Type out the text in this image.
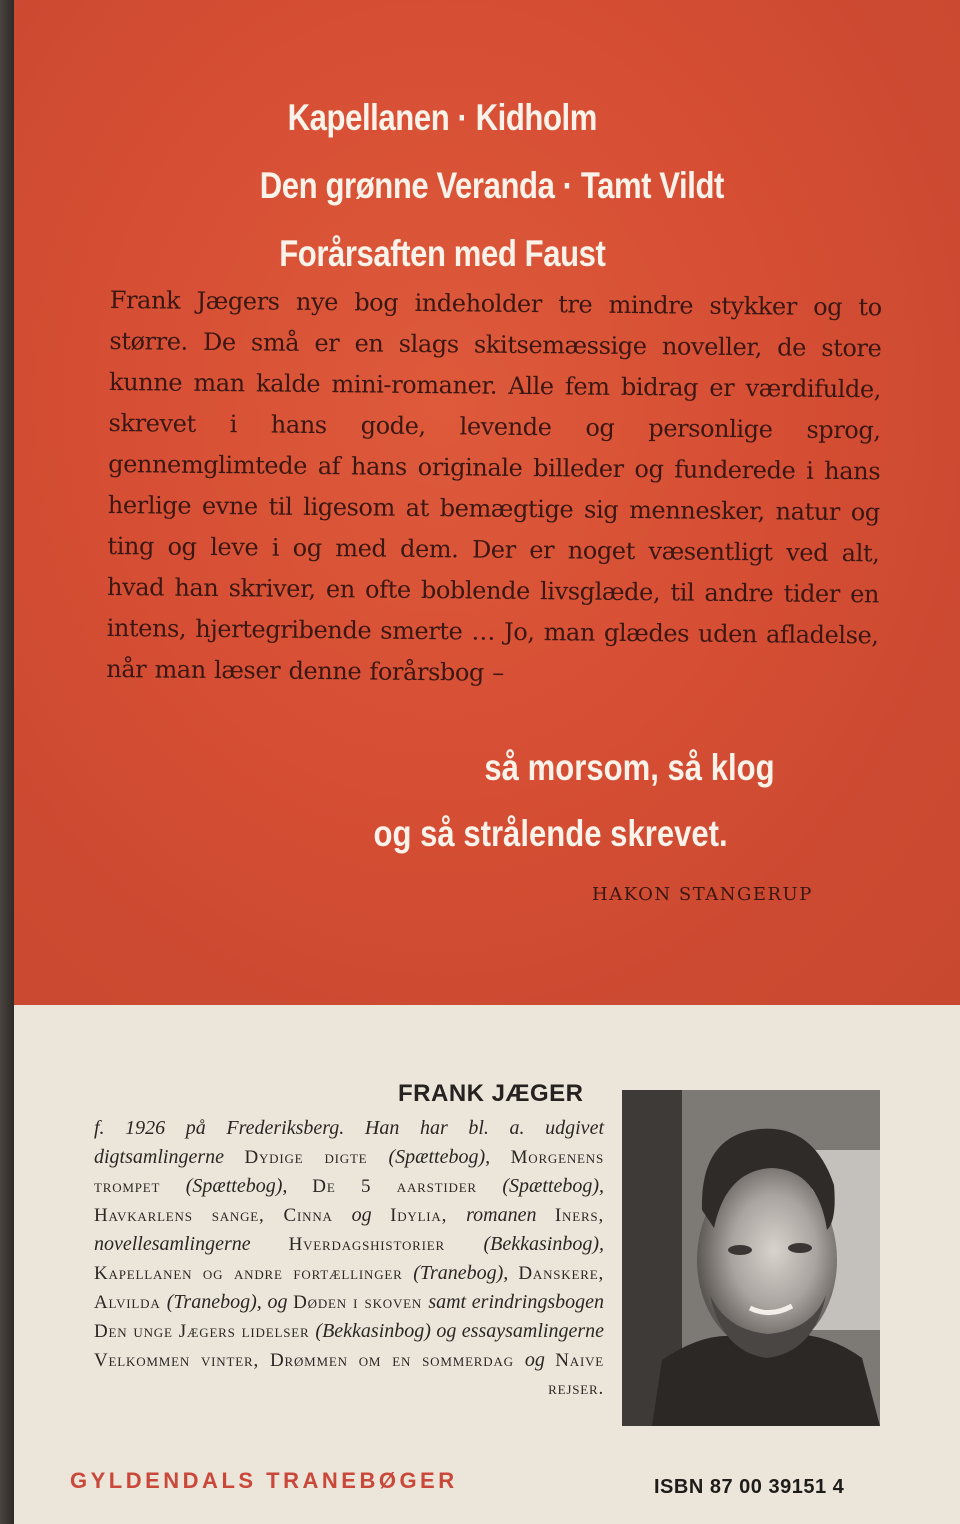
Kapellanen · Kidholm
Den grønne Veranda · Tamt Vildt
Forårsaften med Faust
Frank Jægers nye bog indeholder tre mindre stykker og to større. De små er en slags skitsemæssige noveller, de store kunne man kalde mini-romaner. Alle fem bidrag er værdifulde, skrevet i hans gode, levende og personlige sprog, gennemglimtede af hans originale billeder og funderede i hans herlige evne til ligesom at bemægtige sig mennesker, natur og ting og leve i og med dem. Der er noget væsentligt ved alt, hvad han skriver, en ofte boblende livsglæde, til andre tider en intens, hjertegribende smerte … Jo, man glædes uden afladelse, når man læser denne forårsbog –
så morsom, så klog
og så strålende skrevet.
HAKON STANGERUP
FRANK JÆGER
f. 1926 på Frederiksberg. Han har bl. a. udgivet digtsamlingerne Dydige digte (Spættebog), Morgenens trompet (Spættebog), De 5 aarstider (Spættebog), Havkarlens sange, Cinna og Idylia, romanen Iners, novellesamlingerne Hverdagshistorier (Bekkasinbog), Kapellanen og andre fortællinger (Tranebog), Danskere, Alvilda (Tranebog), og Døden i skoven samt erindringsbogen Den unge Jægers lidelser (Bekkasinbog) og essaysamlingerne Velkommen vinter, Drømmen om en sommerdag og Naive rejser.
GYLDENDALS TRANEBØGER	ISBN 87 00 39151 4
